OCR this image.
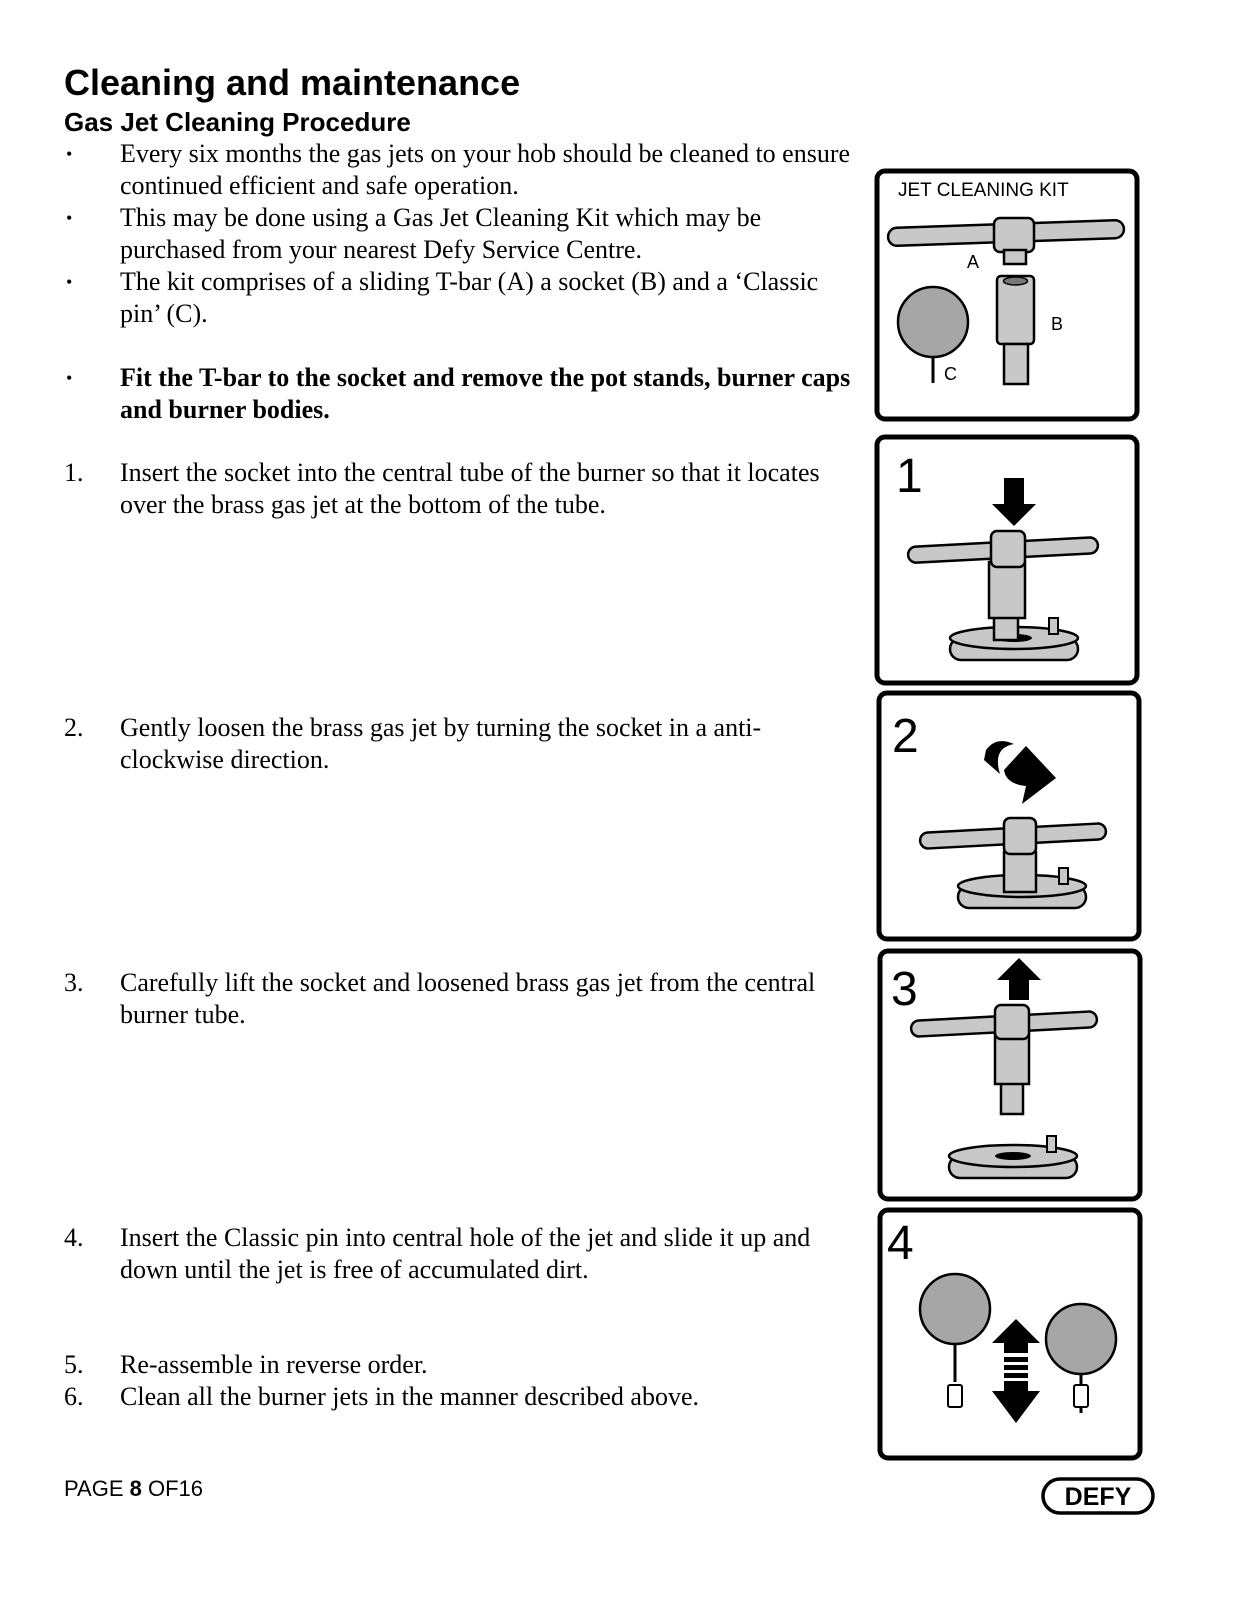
Cleaning and maintenance
Gas Jet Cleaning Procedure
• Every six months the gas jets on your hob should be cleaned to ensure continued efficient and safe operation.
• This may be done using a Gas Jet Cleaning Kit which may be purchased from your nearest Defy Service Centre.
• The kit comprises of a sliding T-bar (A) a socket (B) and a ‘Classic pin’ (C).
• Fit the T-bar to the socket and remove the pot stands, burner caps and burner bodies.
1. Insert the socket into the central tube of the burner so that it locates over the brass gas jet at the bottom of the tube.
2. Gently loosen the brass gas jet by turning the socket in a anti-clockwise direction.
3. Carefully lift the socket and loosened brass gas jet from the central burner tube.
4. Insert the Classic pin into central hole of the jet and slide it up and down until the jet is free of accumulated dirt.
5. Re-assemble in reverse order.
6. Clean all the burner jets in the manner described above.
JET CLEANING KIT
A
B
C
1
2
3
4
PAGE 8 OF16	DEFY
